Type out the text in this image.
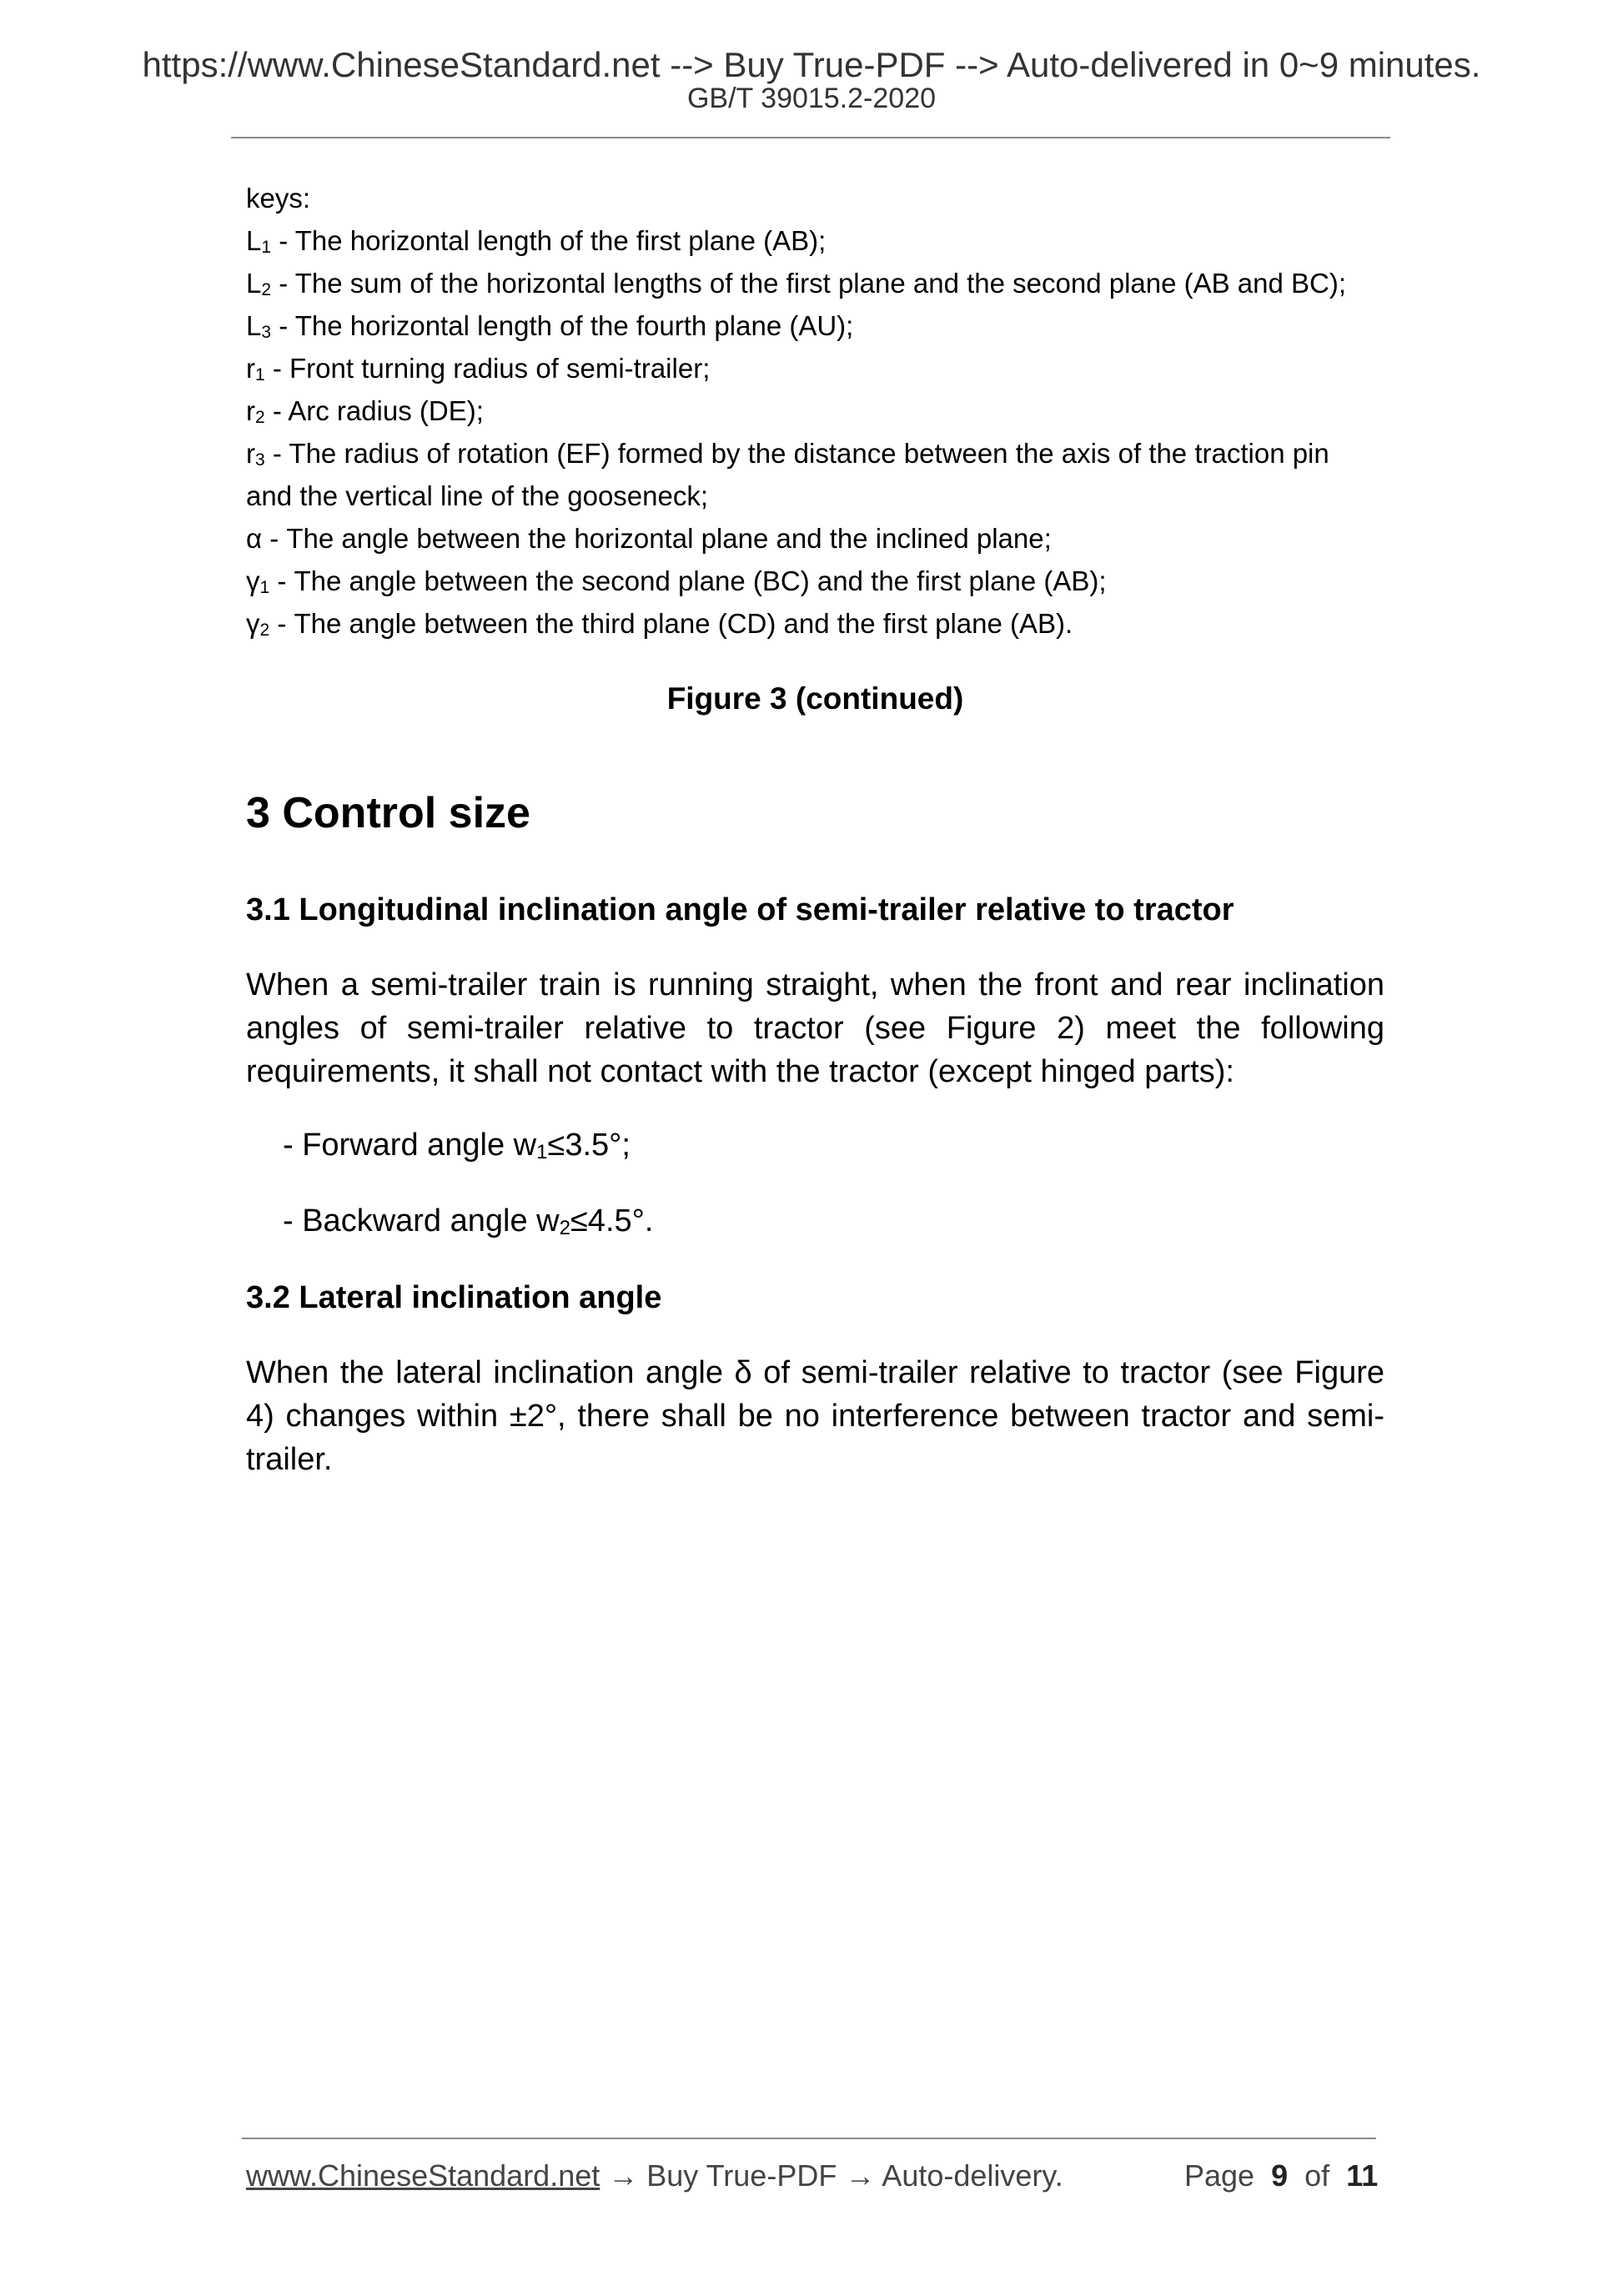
https://www.ChineseStandard.net --> Buy True-PDF --> Auto-delivered in 0~9 minutes.
GB/T 39015.2-2020
keys:
$L_1$ - The horizontal length of the first plane (AB);
$L_2$ - The sum of the horizontal lengths of the first plane and the second plane (AB and BC);
$L_3$ - The horizontal length of the fourth plane (AU);
$r_1$ - Front turning radius of semi-trailer;
$r_2$ - Arc radius (DE);
$r_3$ - The radius of rotation (EF) formed by the distance between the axis of the traction pin
and the vertical line of the gooseneck;
α - The angle between the horizontal plane and the inclined plane;
$\gamma_1$ - The angle between the second plane (BC) and the first plane (AB);
$\gamma_2$ - The angle between the third plane (CD) and the first plane (AB).
Figure 3 (continued)
3 Control size
3.1 Longitudinal inclination angle of semi-trailer relative to tractor
When a semi-trailer train is running straight, when the front and rear inclination
angles of semi-trailer relative to tractor (see Figure 2) meet the following
requirements, it shall not contact with the tractor (except hinged parts):
- Forward angle $w_1\le 3.5^\circ$;
- Backward angle $w_2\le 4.5^\circ$.
3.2 Lateral inclination angle
When the lateral inclination angle δ of semi-trailer relative to tractor (see Figure
4) changes within ±2°, there shall be no interference between tractor and semi-
trailer.
www.ChineseStandard.net → Buy True-PDF → Auto-delivery.	Page 9 of 11
